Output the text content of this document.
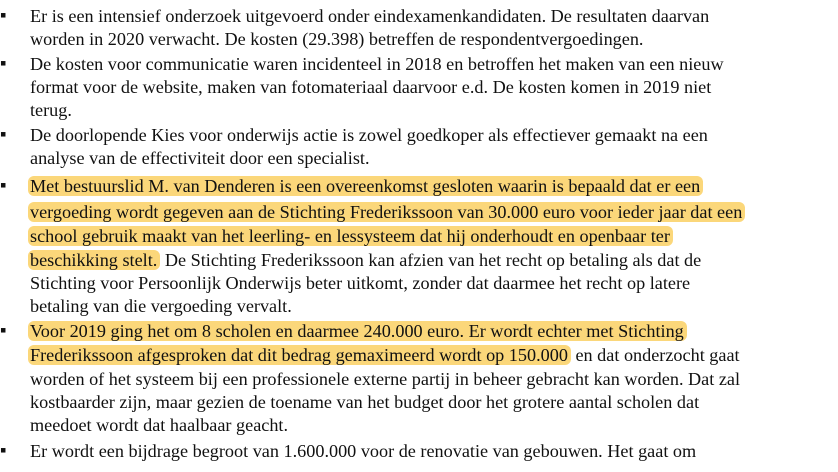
▪ Er is een intensief onderzoek uitgevoerd onder eindexamenkandidaten. De resultaten daarvan
worden in 2020 verwacht. De kosten (29.398) betreffen de respondentvergoedingen.
▪ De kosten voor communicatie waren incidenteel in 2018 en betroffen het maken van een nieuw
format voor de website, maken van fotomateriaal daarvoor e.d. De kosten komen in 2019 niet
terug.
▪ De doorlopende Kies voor onderwijs actie is zowel goedkoper als effectiever gemaakt na een
analyse van de effectiviteit door een specialist.
▪ Met bestuurslid M. van Denderen is een overeenkomst gesloten waarin is bepaald dat er een
vergoeding wordt gegeven aan de Stichting Frederikssoon van 30.000 euro voor ieder jaar dat een
school gebruik maakt van het leerling- en lessysteem dat hij onderhoudt en openbaar ter
beschikking stelt. De Stichting Frederikssoon kan afzien van het recht op betaling als dat de
Stichting voor Persoonlijk Onderwijs beter uitkomt, zonder dat daarmee het recht op latere
betaling van die vergoeding vervalt.
▪ Voor 2019 ging het om 8 scholen en daarmee 240.000 euro. Er wordt echter met Stichting
Frederikssoon afgesproken dat dit bedrag gemaximeerd wordt op 150.000 en dat onderzocht gaat
worden of het systeem bij een professionele externe partij in beheer gebracht kan worden. Dat zal
kostbaarder zijn, maar gezien de toename van het budget door het grotere aantal scholen dat
meedoet wordt dat haalbaar geacht.
▪ Er wordt een bijdrage begroot van 1.600.000 voor de renovatie van gebouwen. Het gaat om
